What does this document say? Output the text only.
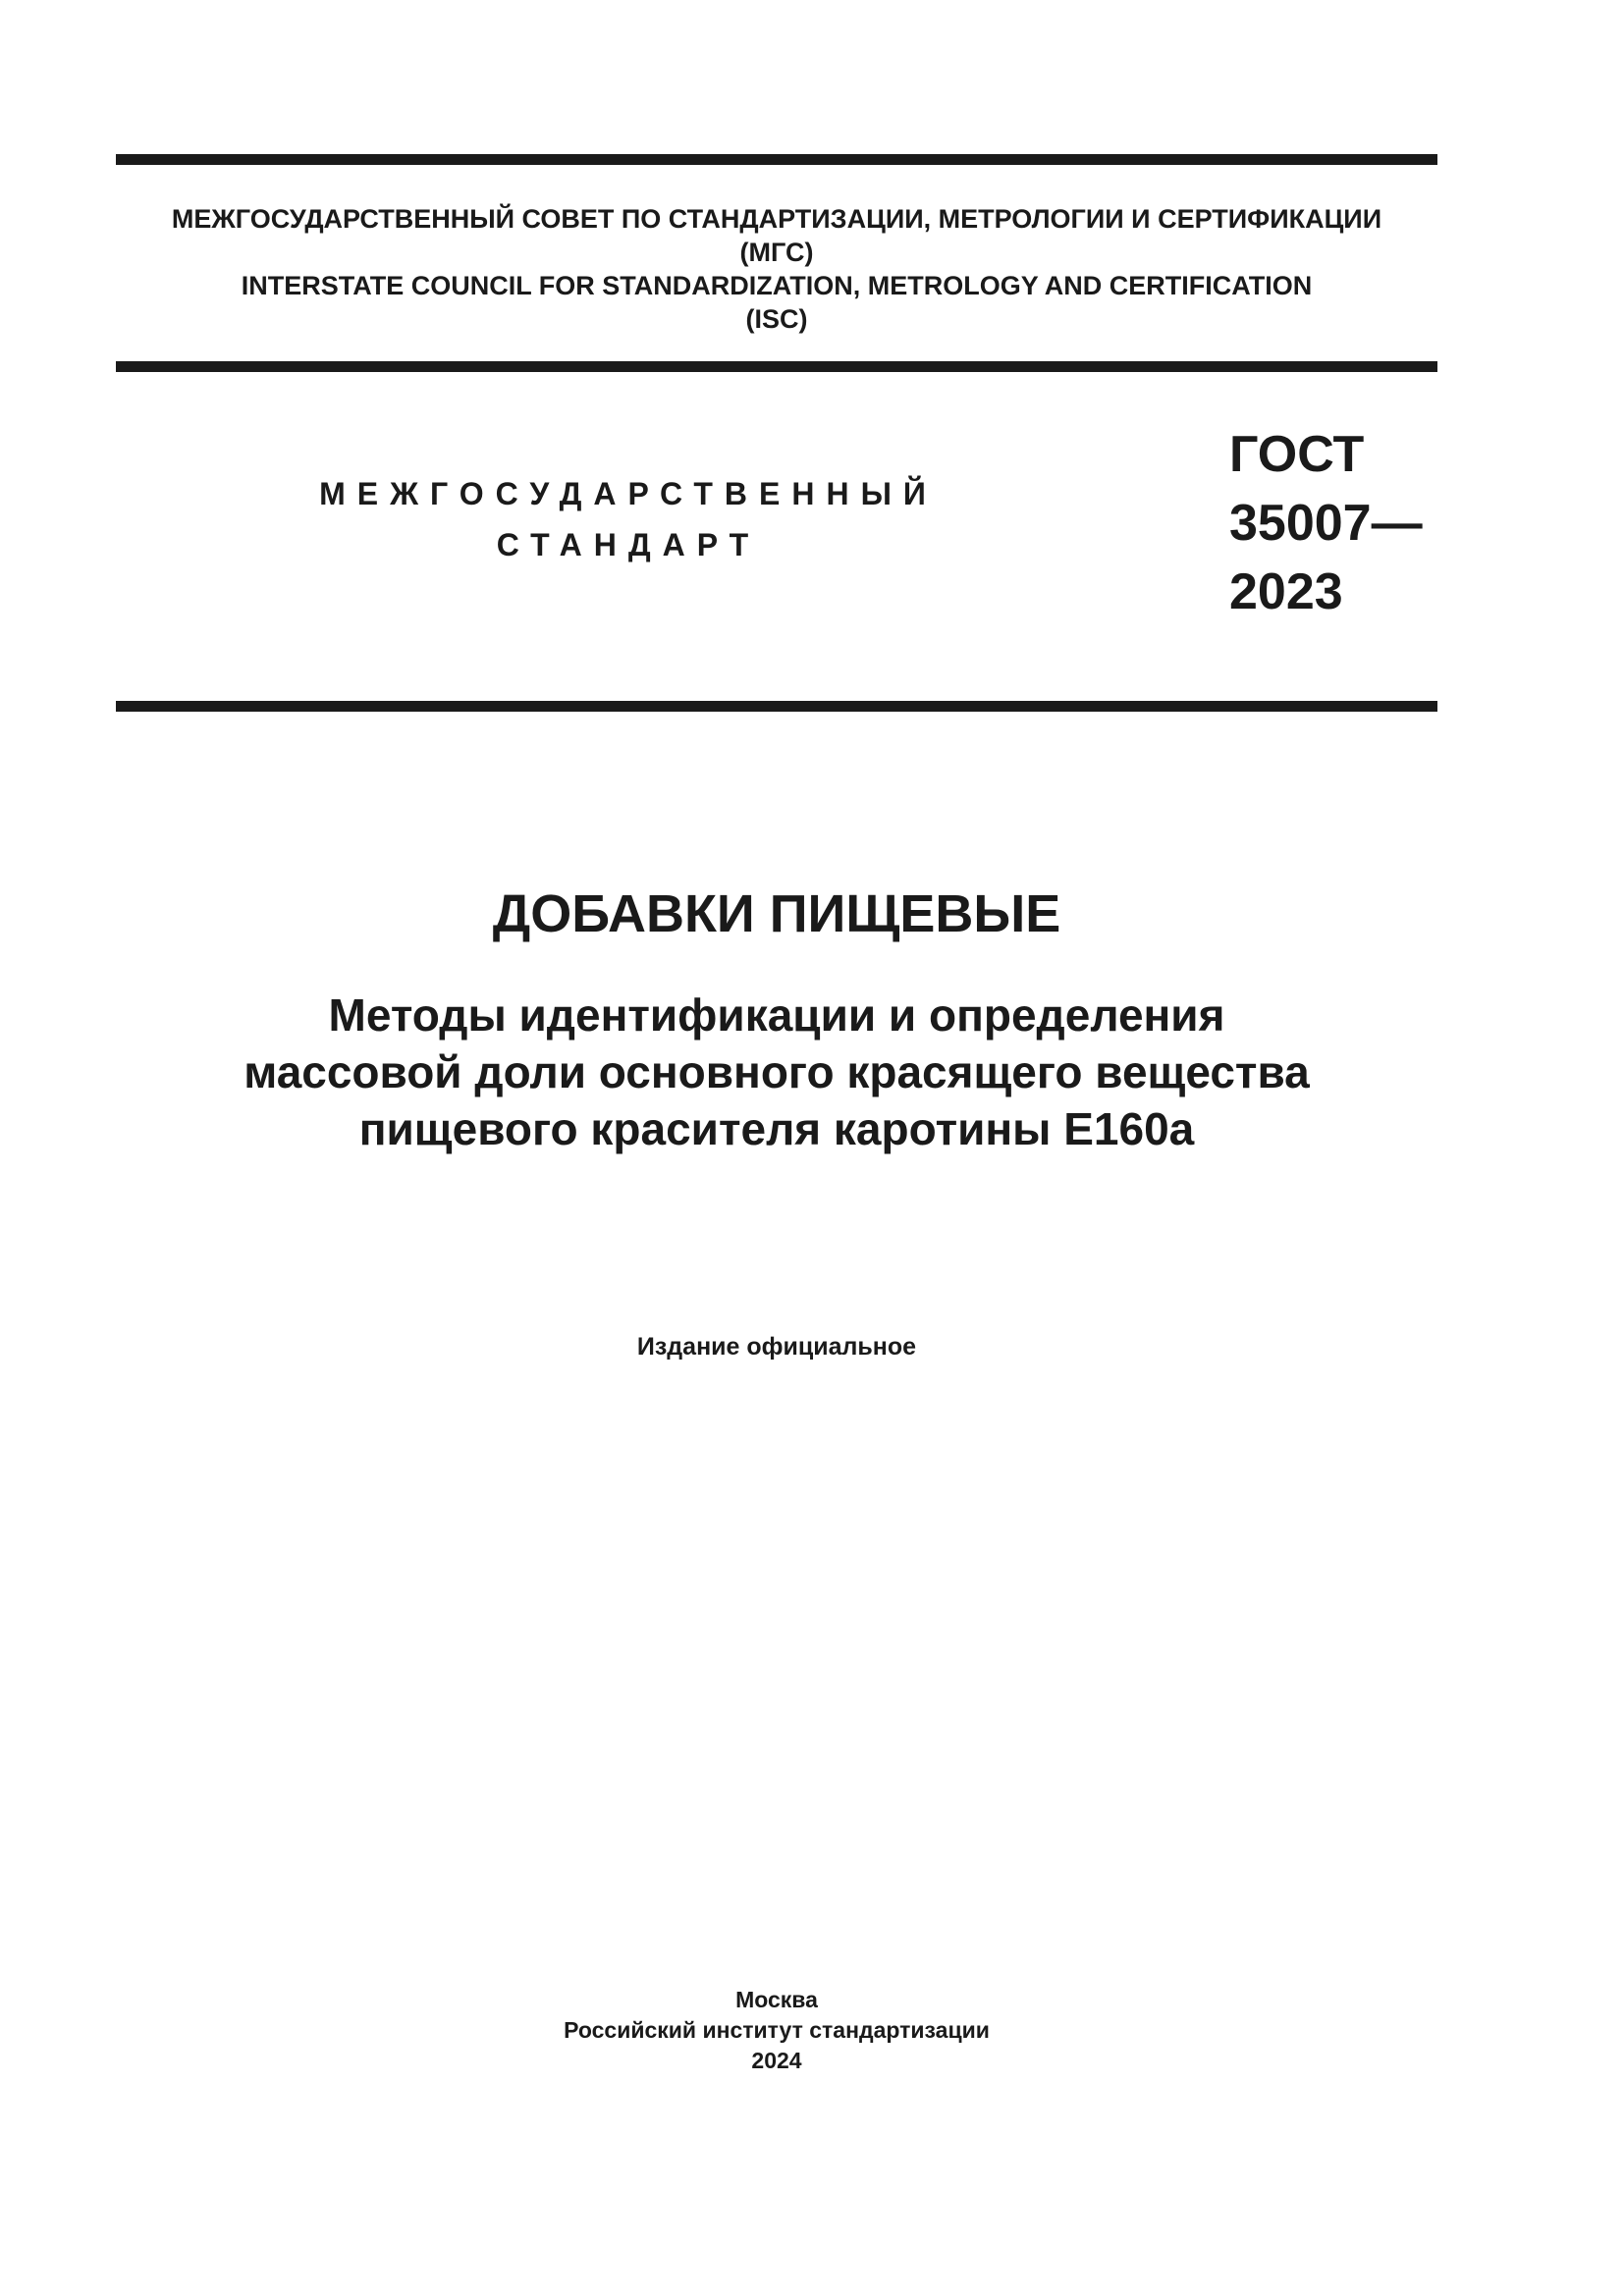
МЕЖГОСУДАРСТВЕННЫЙ СОВЕТ ПО СТАНДАРТИЗАЦИИ, МЕТРОЛОГИИ И СЕРТИФИКАЦИИ
(МГС)
INTERSTATE COUNCIL FOR STANDARDIZATION, METROLOGY AND CERTIFICATION
(ISC)
МЕЖГОСУДАРСТВЕННЫЙ
СТАНДАРТ
ГОСТ
35007—
2023
ДОБАВКИ ПИЩЕВЫЕ
Методы идентификации и определения
массовой доли основного красящего вещества
пищевого красителя каротины Е160а
Издание официальное
Москва
Российский институт стандартизации
2024
